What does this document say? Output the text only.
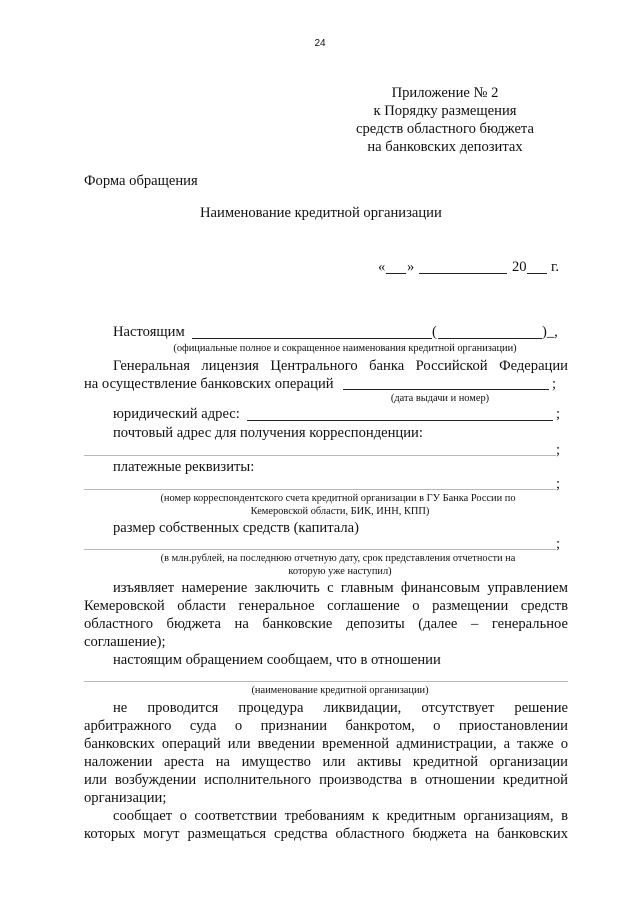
24
Приложение № 2
к Порядку размещения
средств областного бюджета
на банковских депозитах
Форма обращения
Наименование кредитной организации
« »	20 г.
Настоящим	(	)_,
(официальные полное и сокращенное наименования кредитной организации)
Генеральная лицензия Центрального банка Российской Федерации
на осуществление банковских операций	;
(дата выдачи и номер)
юридический адрес:	;
почтовый адрес для получения корреспонденции:
;
платежные реквизиты:
;
(номер корреспондентского счета кредитной организации в ГУ Банка России по
Кемеровской области, БИК, ИНН, КПП)
размер собственных средств (капитала)
;
(в млн.рублей, на последнюю отчетную дату, срок представления отчетности на
которую уже наступил)
изъявляет намерение заключить с главным финансовым управлением
Кемеровской области генеральное соглашение о размещении средств
областного бюджета на банковские депозиты (далее – генеральное
соглашение);
настоящим обращением сообщаем, что в отношении
(наименование кредитной организации)
не проводится процедура ликвидации, отсутствует решение
арбитражного суда о признании банкротом, о приостановлении
банковских операций или введении временной администрации, а также о
наложении ареста на имущество или активы кредитной организации
или возбуждении исполнительного производства в отношении кредитной
организации;
сообщает о соответствии требованиям к кредитным организациям, в
которых могут размещаться средства областного бюджета на банковских
